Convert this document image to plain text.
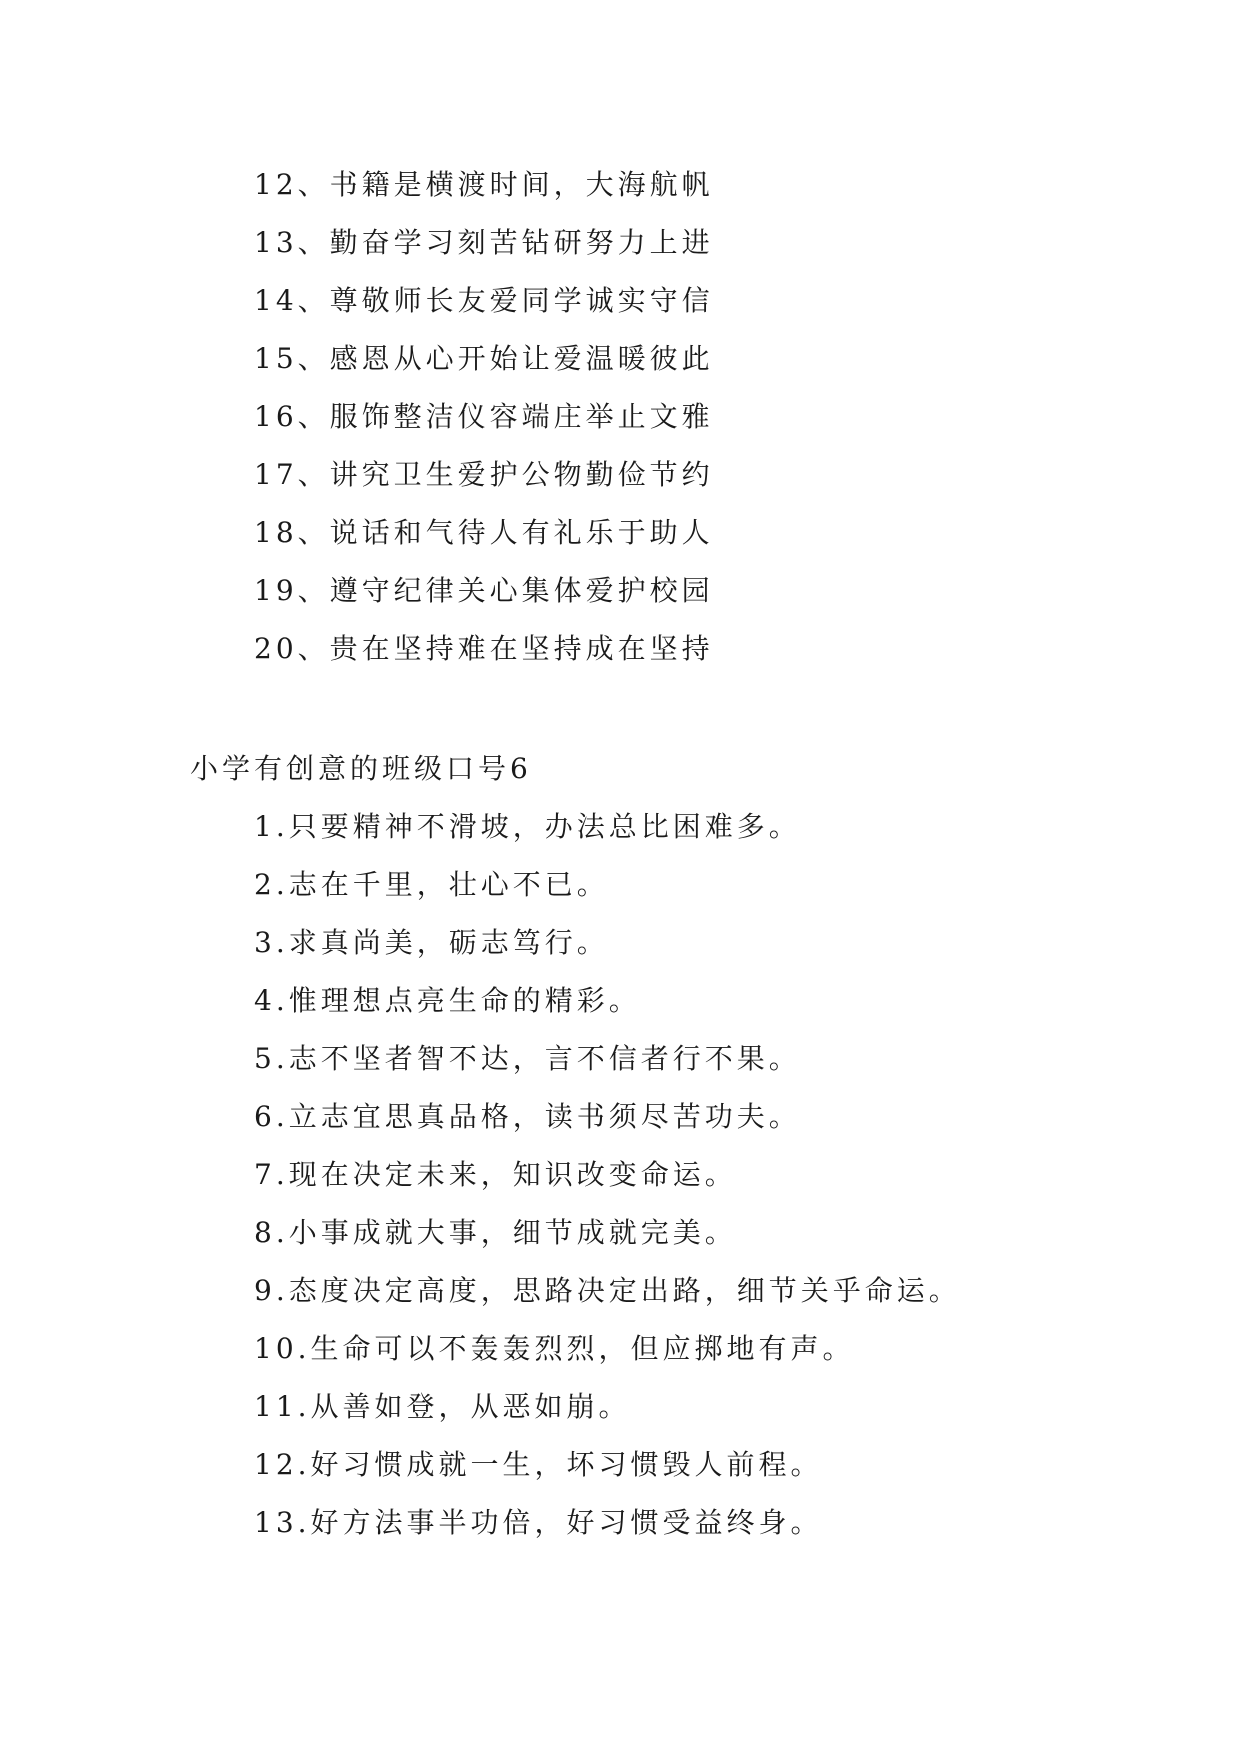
12、书籍是横渡时间，大海航帆
13、勤奋学习刻苦钻研努力上进
14、尊敬师长友爱同学诚实守信
15、感恩从心开始让爱温暖彼此
16、服饰整洁仪容端庄举止文雅
17、讲究卫生爱护公物勤俭节约
18、说话和气待人有礼乐于助人
19、遵守纪律关心集体爱护校园
20、贵在坚持难在坚持成在坚持
小学有创意的班级口号6
1.只要精神不滑坡，办法总比困难多。
2.志在千里，壮心不已。
3.求真尚美，砺志笃行。
4.惟理想点亮生命的精彩。
5.志不坚者智不达，言不信者行不果。
6.立志宜思真品格，读书须尽苦功夫。
7.现在决定未来，知识改变命运。
8.小事成就大事，细节成就完美。
9.态度决定高度，思路决定出路，细节关乎命运。
10.生命可以不轰轰烈烈，但应掷地有声。
11.从善如登，从恶如崩。
12.好习惯成就一生，坏习惯毁人前程。
13.好方法事半功倍，好习惯受益终身。
